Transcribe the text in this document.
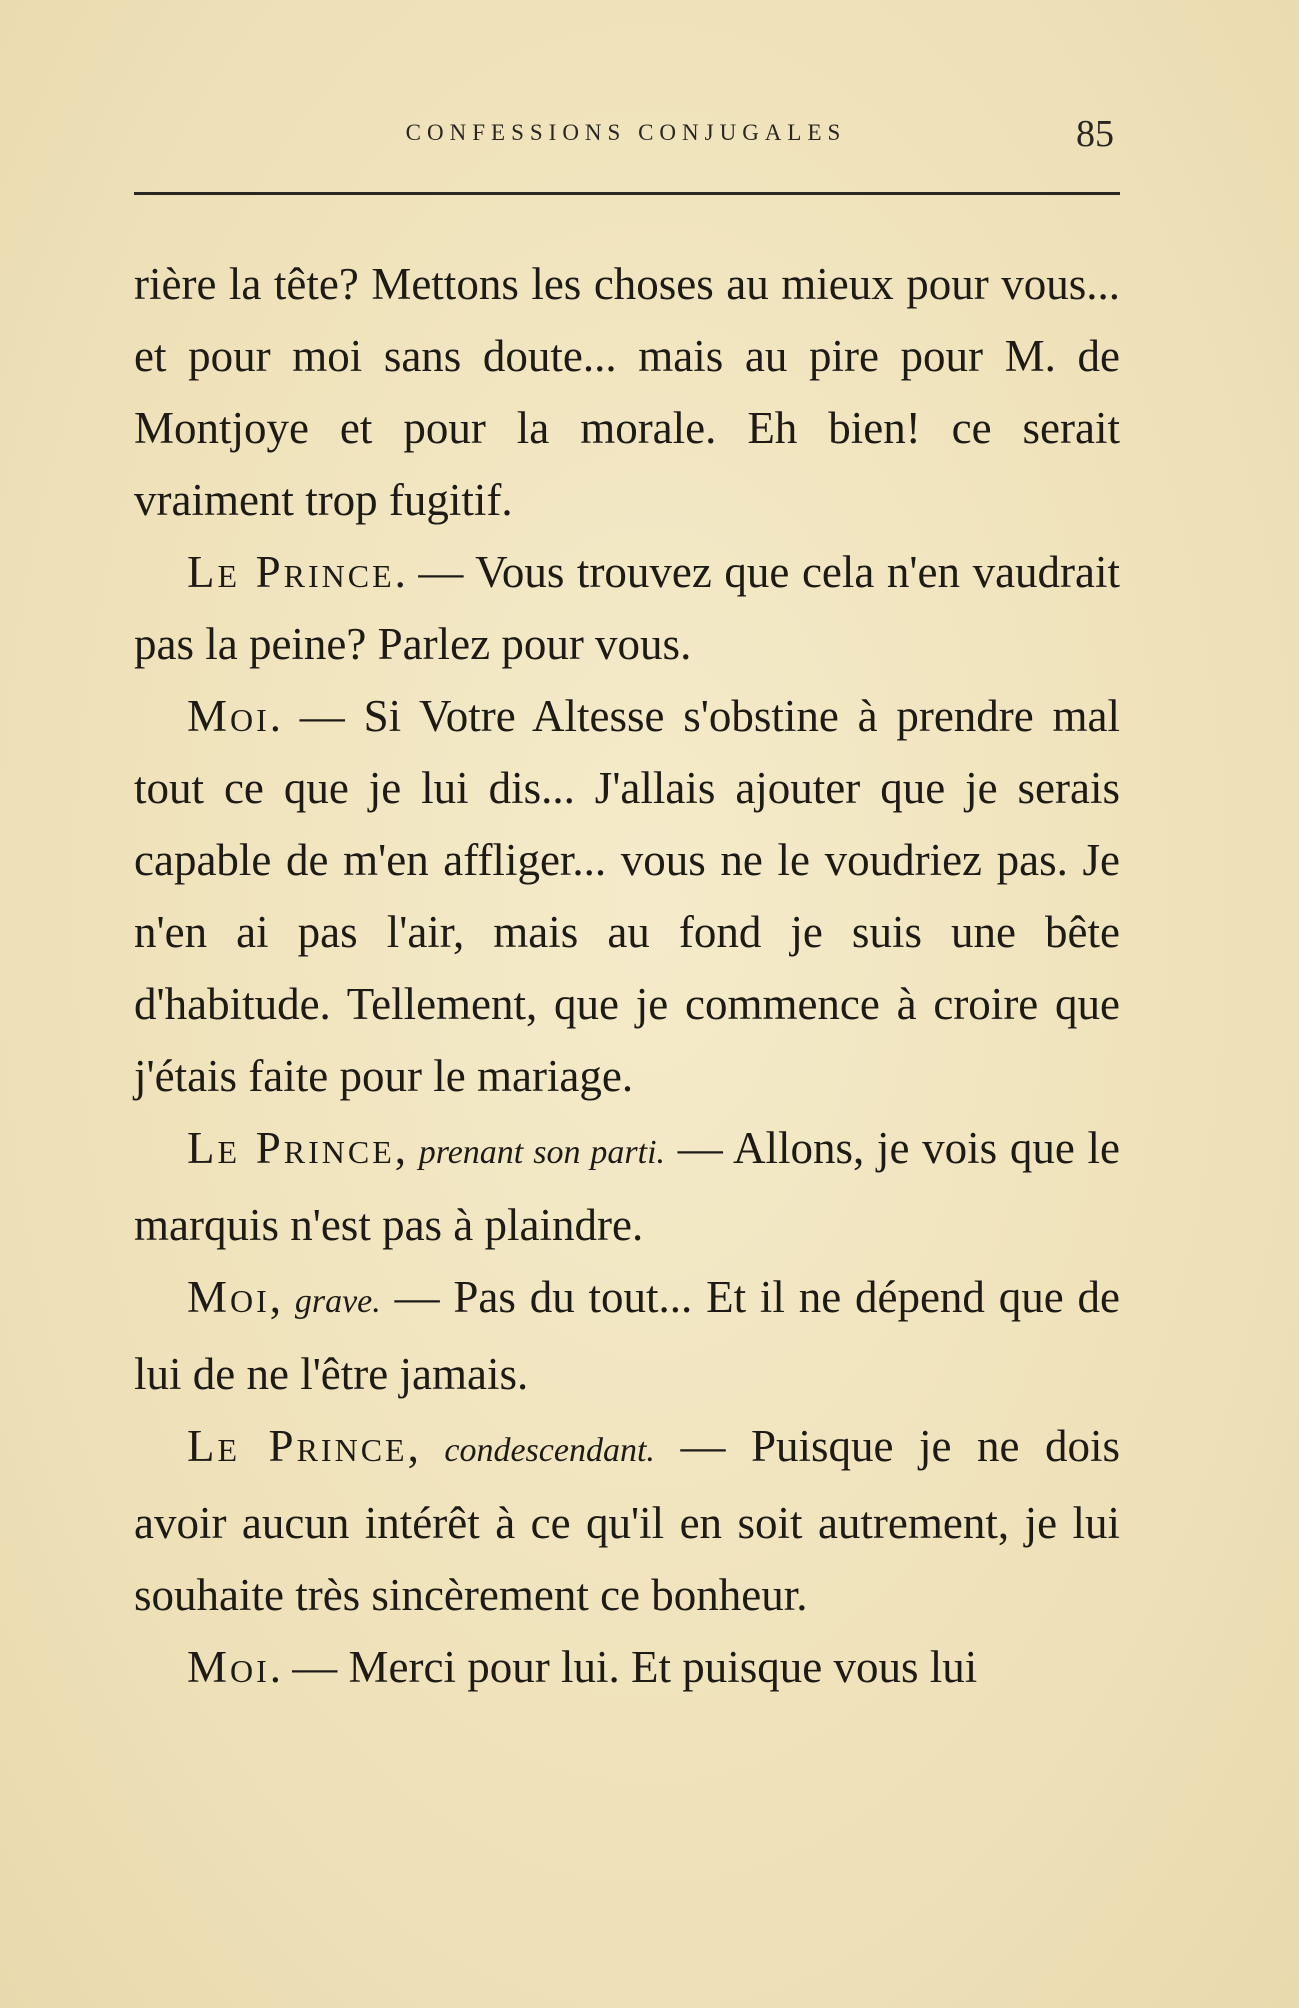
CONFESSIONS CONJUGALES	85

rière la tête? Mettons les choses au mieux pour vous... et pour moi sans doute... mais au pire pour M. de Montjoye et pour la morale. Eh bien! ce serait vraiment trop fugitif.

Le Prince. — Vous trouvez que cela n'en vaudrait pas la peine? Parlez pour vous.

Moi. — Si Votre Altesse s'obstine à prendre mal tout ce que je lui dis... J'allais ajouter que je serais capable de m'en affliger... vous ne le voudriez pas. Je n'en ai pas l'air, mais au fond je suis une bête d'habitude. Tellement, que je commence à croire que j'étais faite pour le mariage.

Le Prince, prenant son parti. — Allons, je vois que le marquis n'est pas à plaindre.

Moi, grave. — Pas du tout... Et il ne dépend que de lui de ne l'être jamais.

Le Prince, condescendant. — Puisque je ne dois avoir aucun intérêt à ce qu'il en soit autrement, je lui souhaite très sincèrement ce bonheur.

Moi. — Merci pour lui. Et puisque vous lui
